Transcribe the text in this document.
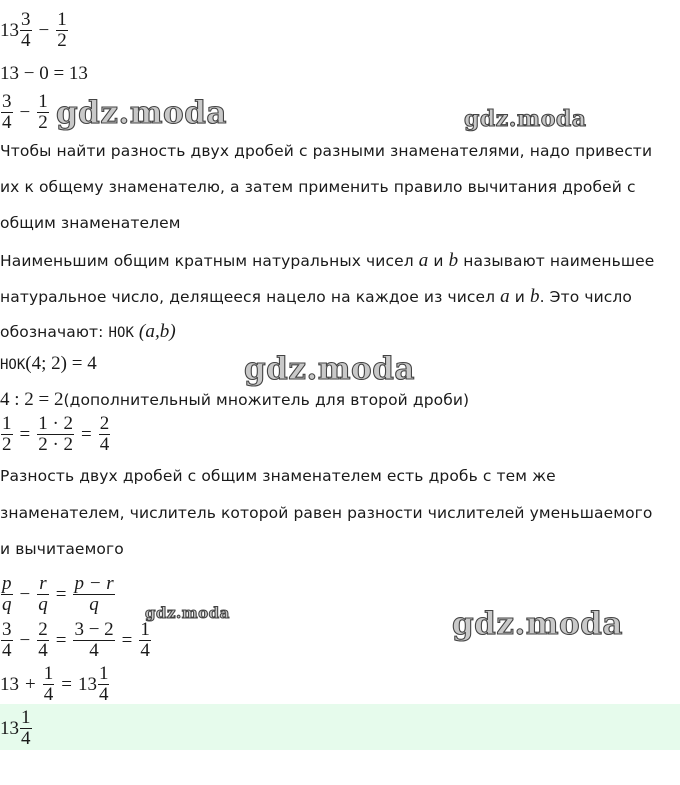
$13 \frac{3}{4} - \frac{1}{2}$
13 − 0 = 13
$\frac{3}{4} - \frac{1}{2}$
Чтобы найти разность двух дробей с разными знаменателями, надо привести
их к общему знаменателю, а затем применить правило вычитания дробей с
общим знаменателем
Наименьшим общим кратным натуральных чисел a и b называют наименьшее
натуральное число, делящееся нацело на каждое из чисел a и b. Это число
обозначают: НОК (a,b)
НОК(4; 2) = 4
4 : 2 = 2(дополнительный множитель для второй дроби)
$\frac{1}{2} = \frac{1 \cdot 2}{2 \cdot 2} = \frac{2}{4}$
Разность двух дробей с общим знаменателем есть дробь с тем же
знаменателем, числитель которой равен разности числителей уменьшаемого
и вычитаемого
$\frac{p}{q} - \frac{r}{q} = \frac{p - r}{q}$
$\frac{3}{4} - \frac{2}{4} = \frac{3 - 2}{4} = \frac{1}{4}$
$13 + \frac{1}{4} = 13 \frac{1}{4}$
$13 \frac{1}{4}$
gdz.moda	gdz.moda
gdz.moda
gdz.moda	gdz.moda
